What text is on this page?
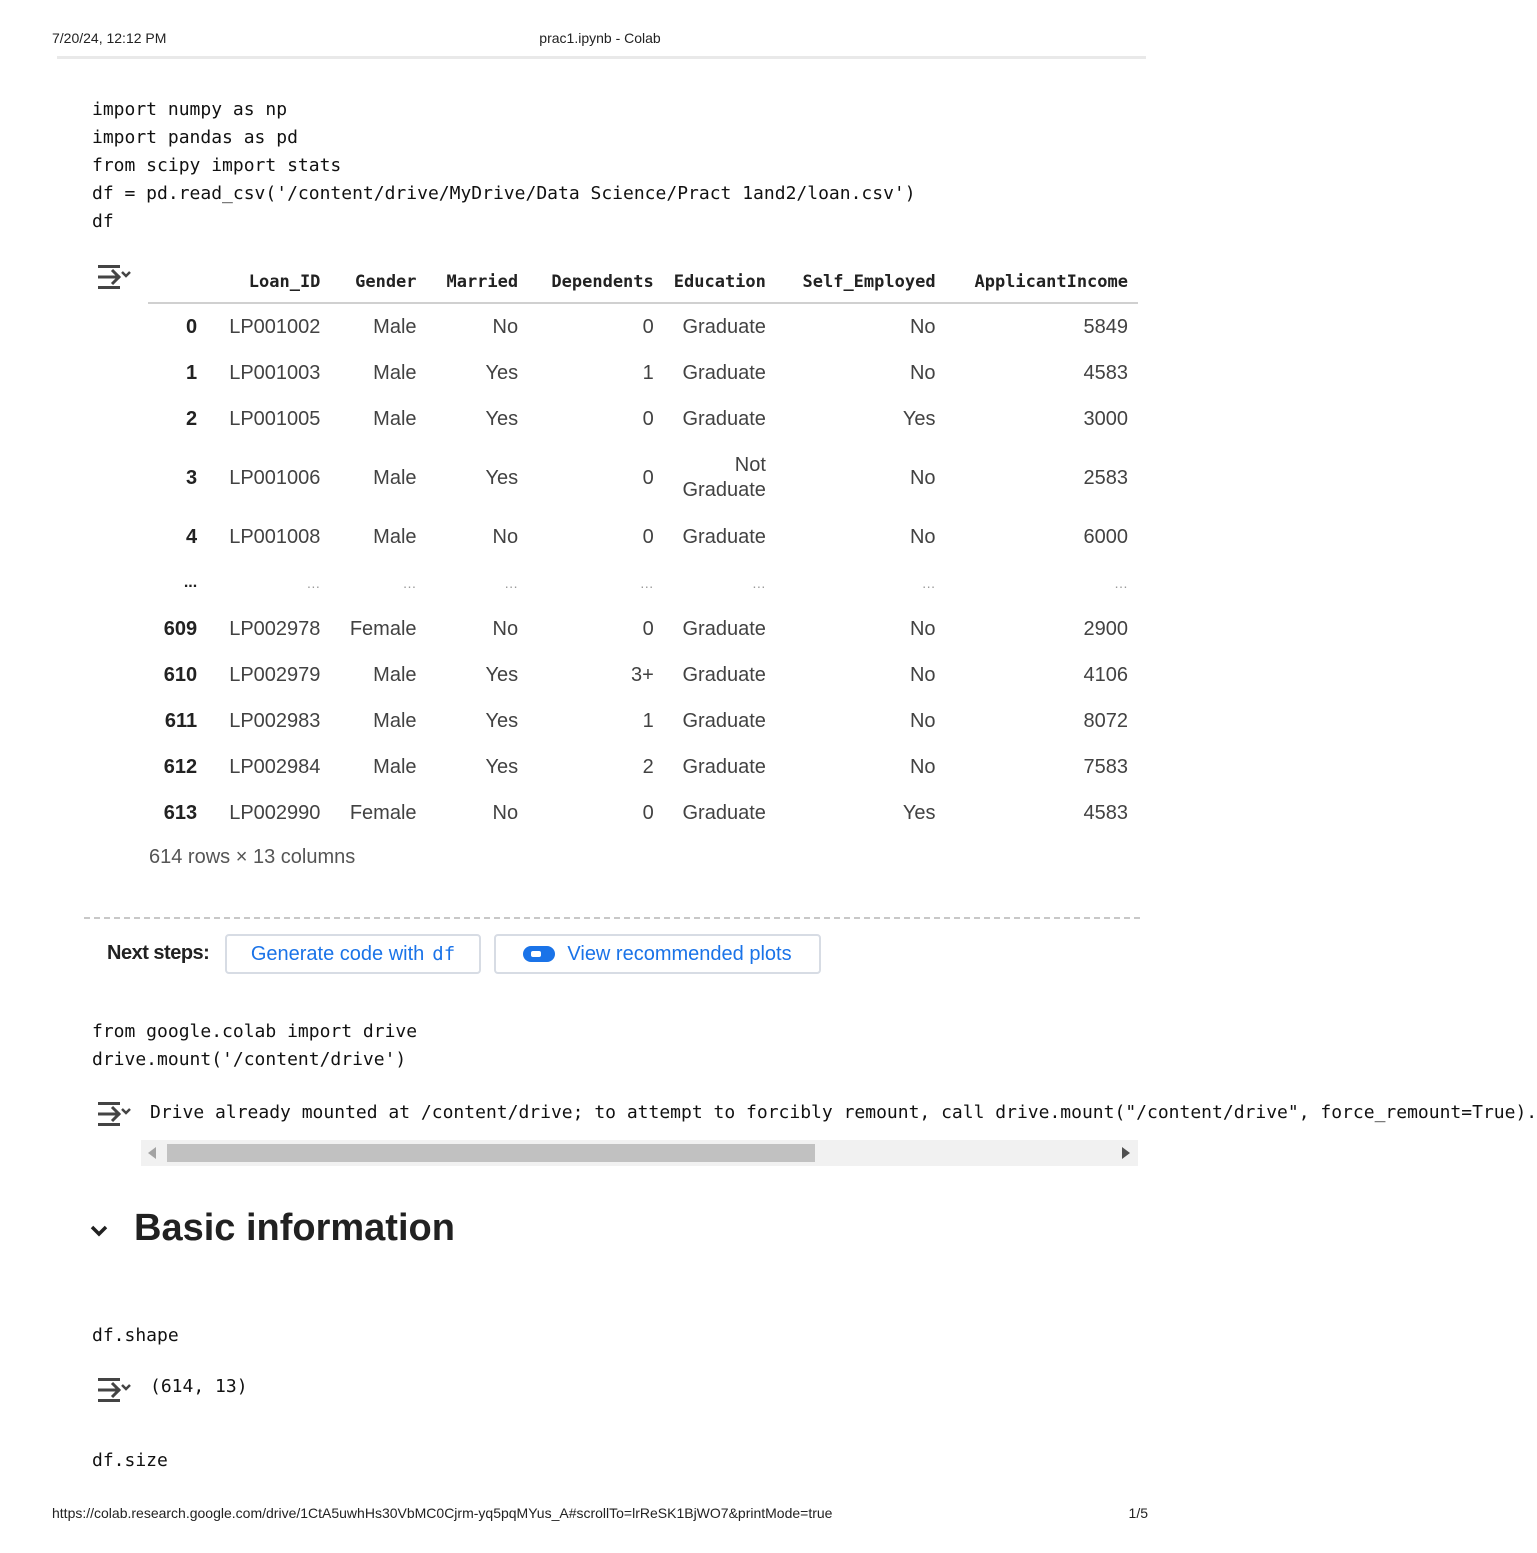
7/20/24, 12:12 PM	prac1.ipynb - Colab
import numpy as np
import pandas as pd
from scipy import stats
df = pd.read_csv('/content/drive/MyDrive/Data Science/Pract 1and2/loan.csv')
df
	Loan_ID	Gender	Married	Dependents	Education	Self_Employed	ApplicantIncome
0	LP001002	Male	No	0	Graduate	No	5849
1	LP001003	Male	Yes	1	Graduate	No	4583
2	LP001005	Male	Yes	0	Graduate	Yes	3000
3	LP001006	Male	Yes	0	Not Graduate	No	2583
4	LP001008	Male	No	0	Graduate	No	6000
...	…	…	…	…	…	…	…
609	LP002978	Female	No	0	Graduate	No	2900
610	LP002979	Male	Yes	3+	Graduate	No	4106
611	LP002983	Male	Yes	1	Graduate	No	8072
612	LP002984	Male	Yes	2	Graduate	No	7583
613	LP002990	Female	No	0	Graduate	Yes	4583
614 rows × 13 columns
Next steps: Generate code with df	View recommended plots
from google.colab import drive
drive.mount('/content/drive')
Drive already mounted at /content/drive; to attempt to forcibly remount, call drive.mount("/content/drive", force_remount=True).
Basic information
df.shape
(614, 13)
df.size
https://colab.research.google.com/drive/1CtA5uwhHs30VbMC0Cjrm-yq5pqMYus_A#scrollTo=lrReSK1BjWO7&printMode=true	1/5
